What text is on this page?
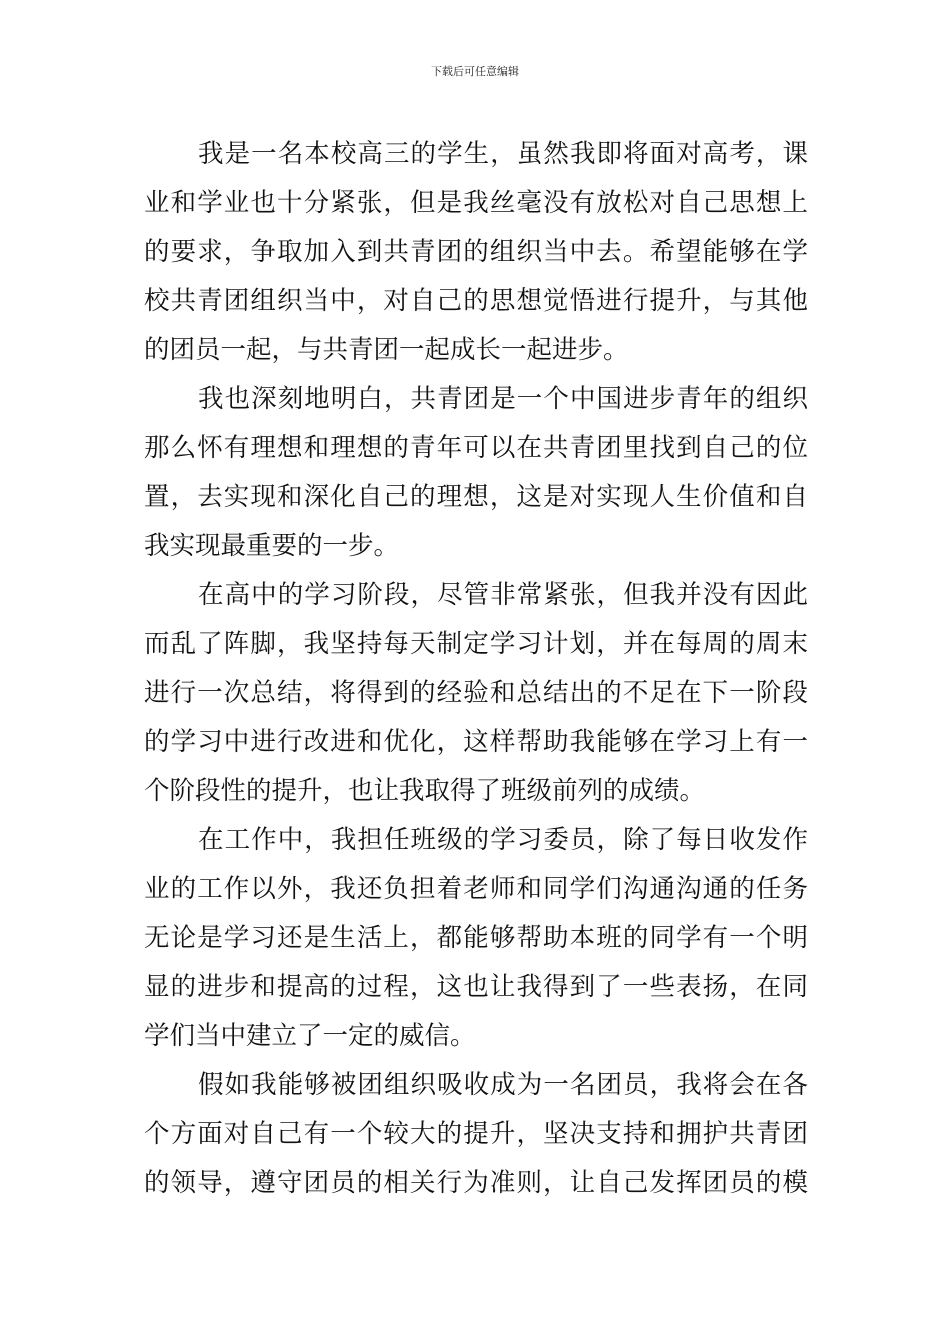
下载后可任意编辑
我是一名本校高三的学生，虽然我即将面对高考，课
业和学业也十分紧张，但是我丝毫没有放松对自己思想上
的要求，争取加入到共青团的组织当中去。希望能够在学
校共青团组织当中，对自己的思想觉悟进行提升，与其他
的团员一起，与共青团一起成长一起进步。
我也深刻地明白，共青团是一个中国进步青年的组织
那么怀有理想和理想的青年可以在共青团里找到自己的位
置，去实现和深化自己的理想，这是对实现人生价值和自
我实现最重要的一步。
在高中的学习阶段，尽管非常紧张，但我并没有因此
而乱了阵脚，我坚持每天制定学习计划，并在每周的周末
进行一次总结，将得到的经验和总结出的不足在下一阶段
的学习中进行改进和优化，这样帮助我能够在学习上有一
个阶段性的提升，也让我取得了班级前列的成绩。
在工作中，我担任班级的学习委员，除了每日收发作
业的工作以外，我还负担着老师和同学们沟通沟通的任务
无论是学习还是生活上，都能够帮助本班的同学有一个明
显的进步和提高的过程，这也让我得到了一些表扬，在同
学们当中建立了一定的威信。
假如我能够被团组织吸收成为一名团员，我将会在各
个方面对自己有一个较大的提升，坚决支持和拥护共青团
的领导，遵守团员的相关行为准则，让自己发挥团员的模
